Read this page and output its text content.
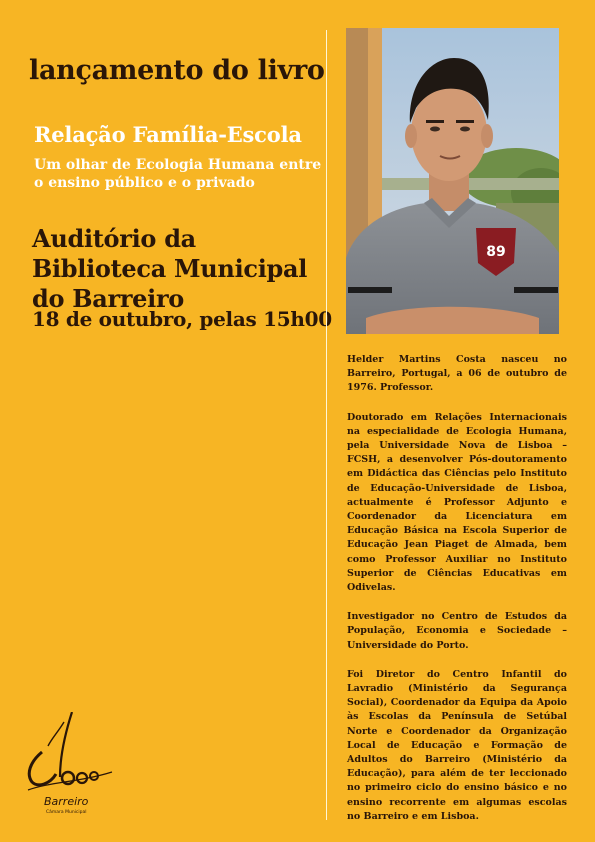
lançamento do livro
Relação Família-Escola
Um olhar de Ecologia Humana entre o ensino público e o privado
Auditório da Biblioteca Municipal do Barreiro
18 de outubro, pelas 15h00
89

Helder Martins Costa nasceu no Barreiro, Portugal, a 06 de outubro de 1976. Professor.

Doutorado em Relações Internacionais na especialidade de Ecologia Humana, pela Universidade Nova de Lisboa – FCSH, a desenvolver Pós-doutoramento em Didáctica das Ciências pelo Instituto de Educação-Universidade de Lisboa, actualmente é Professor Adjunto e Coordenador da Licenciatura em Educação Básica na Escola Superior de Educação Jean Piaget de Almada, bem como Professor Auxiliar no Instituto Superior de Ciências Educativas em Odivelas.

Investigador no Centro de Estudos da População, Economia e Sociedade – Universidade do Porto.

Foi Diretor do Centro Infantil do Lavradio (Ministério da Segurança Social), Coordenador da Equipa da Apoio às Escolas da Península de Setúbal Norte e Coordenador da Organização Local de Educação e Formação de Adultos do Barreiro (Ministério da Educação), para além de ter leccionado no primeiro ciclo do ensino básico e no ensino recorrente em algumas escolas no Barreiro e em Lisboa.

Barreiro
Câmara Municipal
